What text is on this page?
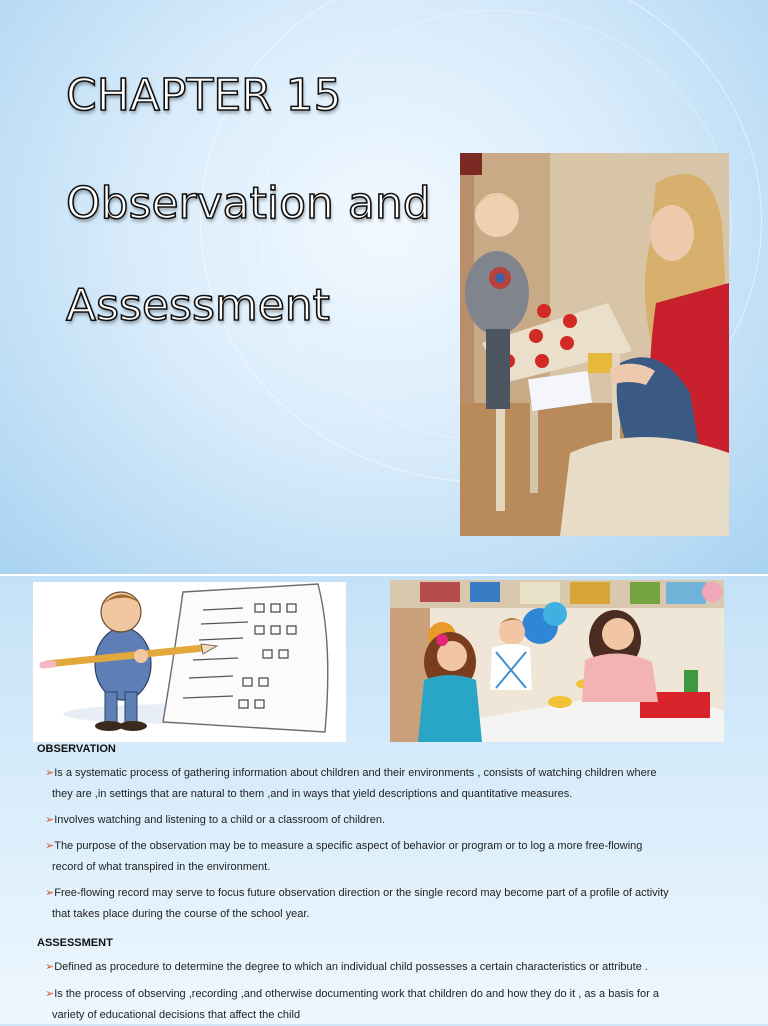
CHAPTER 15
Observation and
Assessment
OBSERVATION

➢Is a systematic process of gathering information about children and their environments , consists of watching children where
they are ,in settings that are natural to them ,and in ways that yield descriptions and quantitative measures.

➢Involves watching and listening to a child or a classroom of children.

➢The purpose of the observation may be to measure a specific aspect of behavior or program or to log a more free-flowing
record of what transpired in the environment.

➢Free-flowing record may serve to focus future observation direction or the single record may become part of a profile of activity
that takes place during the course of the school year.

ASSESSMENT

➢Defined as procedure to determine the degree to which an individual child possesses a certain characteristics or attribute .

➢Is the process of observing ,recording ,and otherwise documenting work that children do and how they do it , as a basis for a
variety of educational decisions that affect the child
